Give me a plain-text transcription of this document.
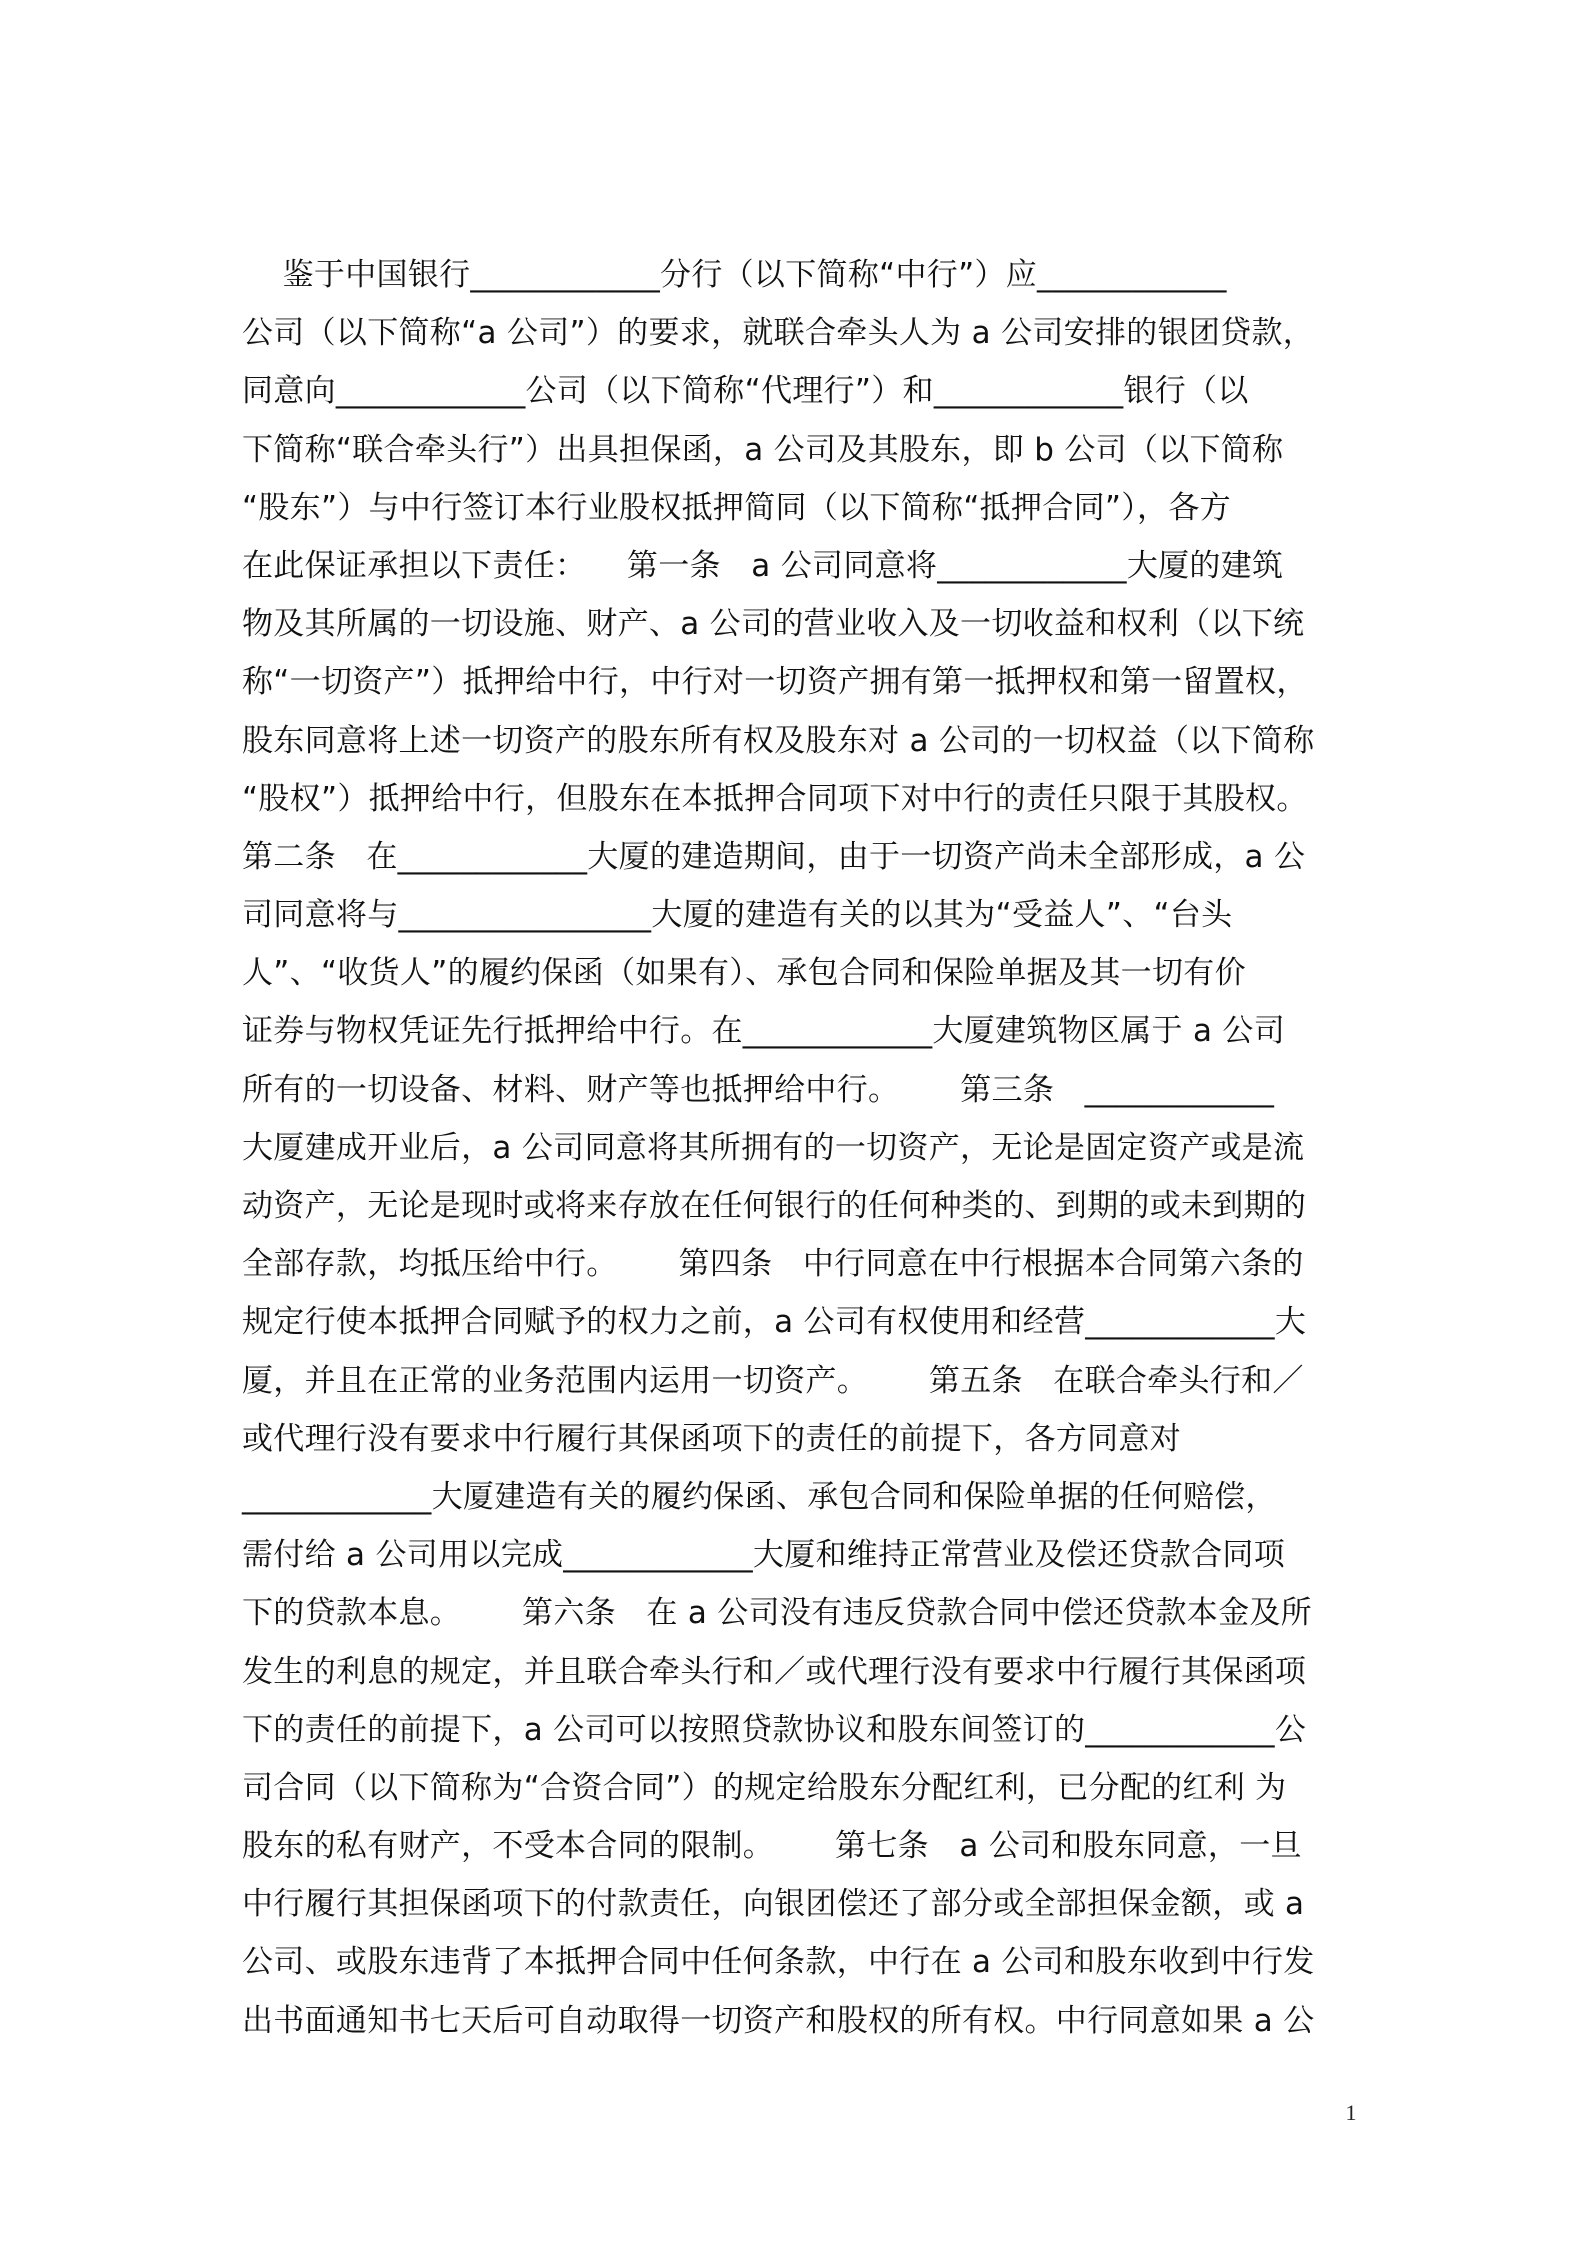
鉴于中国银行____________分行（以下简称“中行”）应____________
公司（以下简称“a 公司”）的要求，就联合牵头人为 a 公司安排的银团贷款，
同意向____________公司（以下简称“代理行”）和____________银行（以
下简称“联合牵头行”）出具担保函，a 公司及其股东，即 b 公司（以下简称
“股东”）与中行签订本行业股权抵押简同（以下简称“抵押合同”），各方
在此保证承担以下责任：    第一条   a 公司同意将____________大厦的建筑
物及其所属的一切设施、财产、a 公司的营业收入及一切收益和权利（以下统
称“一切资产”）抵押给中行，中行对一切资产拥有第一抵押权和第一留置权，
股东同意将上述一切资产的股东所有权及股东对 a 公司的一切权益（以下简称
“股权”）抵押给中行，但股东在本抵押合同项下对中行的责任只限于其股权。
第二条   在____________大厦的建造期间，由于一切资产尚未全部形成，a 公
司同意将与________________大厦的建造有关的以其为“受益人”、“台头
人”、“收货人”的履约保函（如果有）、承包合同和保险单据及其一切有价
证券与物权凭证先行抵押给中行。在____________大厦建筑物区属于 a 公司
所有的一切设备、材料、财产等也抵押给中行。      第三条   ____________
大厦建成开业后，a 公司同意将其所拥有的一切资产，无论是固定资产或是流
动资产，无论是现时或将来存放在任何银行的任何种类的、到期的或未到期的
全部存款，均抵压给中行。      第四条   中行同意在中行根据本合同第六条的
规定行使本抵押合同赋予的权力之前，a 公司有权使用和经营____________大
厦，并且在正常的业务范围内运用一切资产。      第五条   在联合牵头行和／
或代理行没有要求中行履行其保函项下的责任的前提下，各方同意对
____________大厦建造有关的履约保函、承包合同和保险单据的任何赔偿，
需付给 a 公司用以完成____________大厦和维持正常营业及偿还贷款合同项
下的贷款本息。      第六条   在 a 公司没有违反贷款合同中偿还贷款本金及所
发生的利息的规定，并且联合牵头行和／或代理行没有要求中行履行其保函项
下的责任的前提下，a 公司可以按照贷款协议和股东间签订的____________公
司合同（以下简称为“合资合同”）的规定给股东分配红利，已分配的红利 为
股东的私有财产，不受本合同的限制。      第七条   a 公司和股东同意，一旦
中行履行其担保函项下的付款责任，向银团偿还了部分或全部担保金额，或 a
公司、或股东违背了本抵押合同中任何条款，中行在 a 公司和股东收到中行发
出书面通知书七天后可自动取得一切资产和股权的所有权。中行同意如果 a 公
1
